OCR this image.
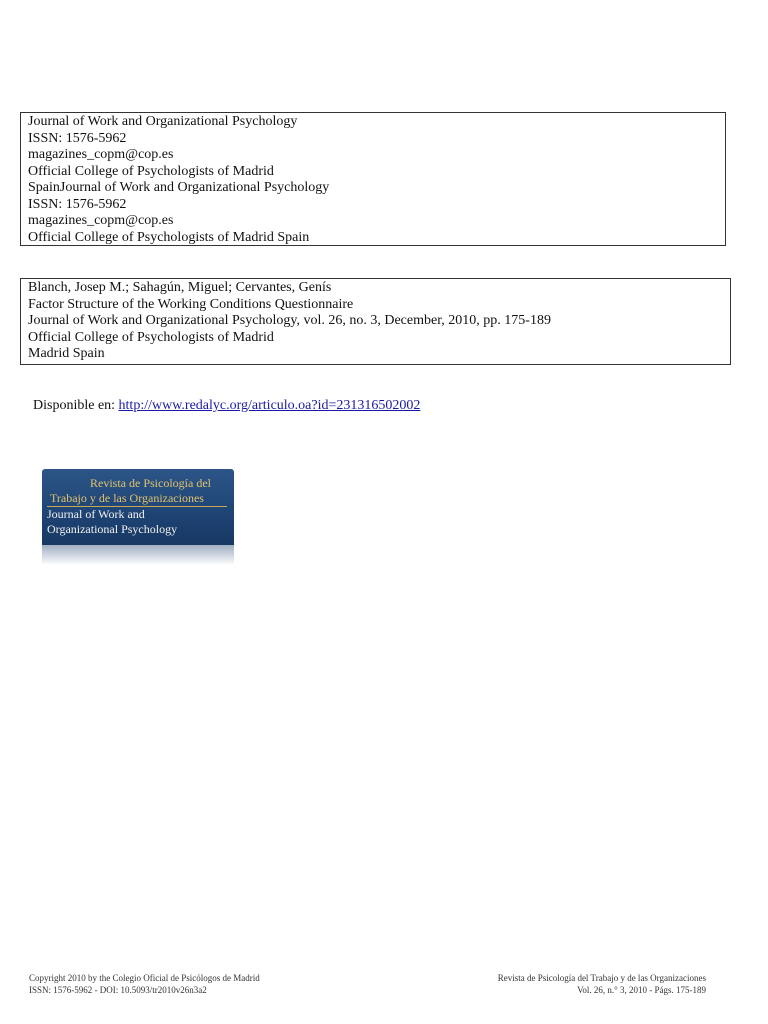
Journal of Work and Organizational Psychology
ISSN: 1576-5962
magazines_copm@cop.es
Official College of Psychologists of Madrid
SpainJournal of Work and Organizational Psychology
ISSN: 1576-5962
magazines_copm@cop.es
Official College of Psychologists of Madrid Spain
Blanch, Josep M.; Sahagún, Miguel; Cervantes, Genís
Factor Structure of the Working Conditions Questionnaire
Journal of Work and Organizational Psychology, vol. 26, no. 3, December, 2010, pp. 175-189
Official College of Psychologists of Madrid
Madrid Spain
Disponible en: http://www.redalyc.org/articulo.oa?id=231316502002
Revista de Psicología del
Trabajo y de las Organizaciones
Journal of Work and
Organizational Psychology
Copyright 2010 by the Colegio Oficial de Psicólogos de Madrid
ISSN: 1576-5962 - DOI: 10.5093/tr2010v26n3a2
Revista de Psicología del Trabajo y de las Organizaciones
Vol. 26, n.° 3, 2010 - Págs. 175-189
